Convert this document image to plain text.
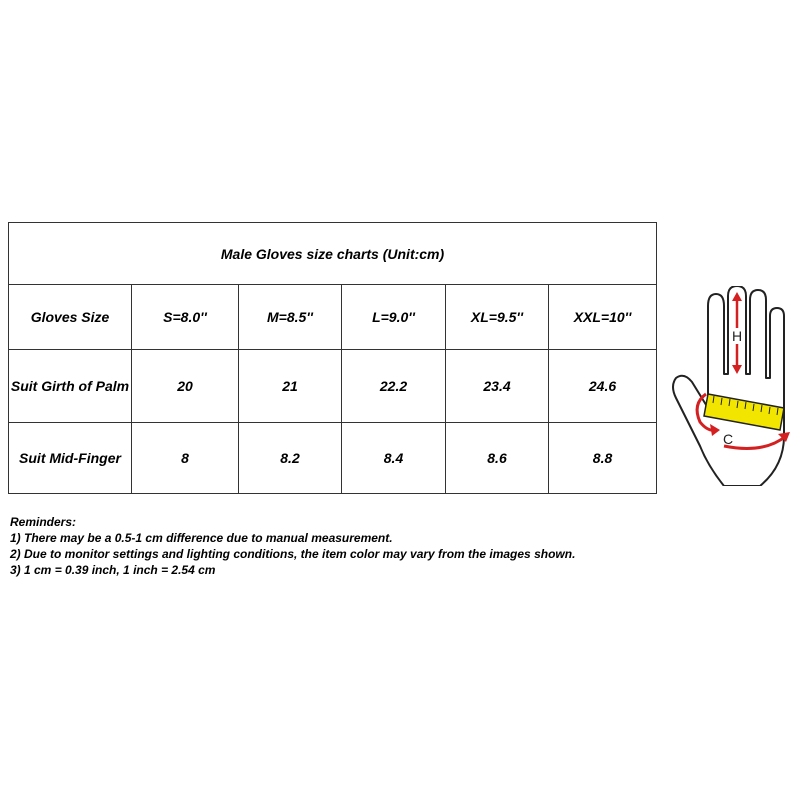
Male Gloves size charts (Unit:cm)					
Gloves Size	S=8.0''	M=8.5''	L=9.0''	XL=9.5''	XXL=10''
Suit Girth of Palm	20	21	22.2	23.4	24.6
Suit Mid-Finger	8	8.2	8.4	8.6	8.8
H
C
Reminders:
1) There may be a 0.5-1 cm difference due to manual measurement.
2) Due to monitor settings and lighting conditions, the item color may vary from the images shown.
3) 1 cm = 0.39 inch, 1 inch = 2.54 cm
